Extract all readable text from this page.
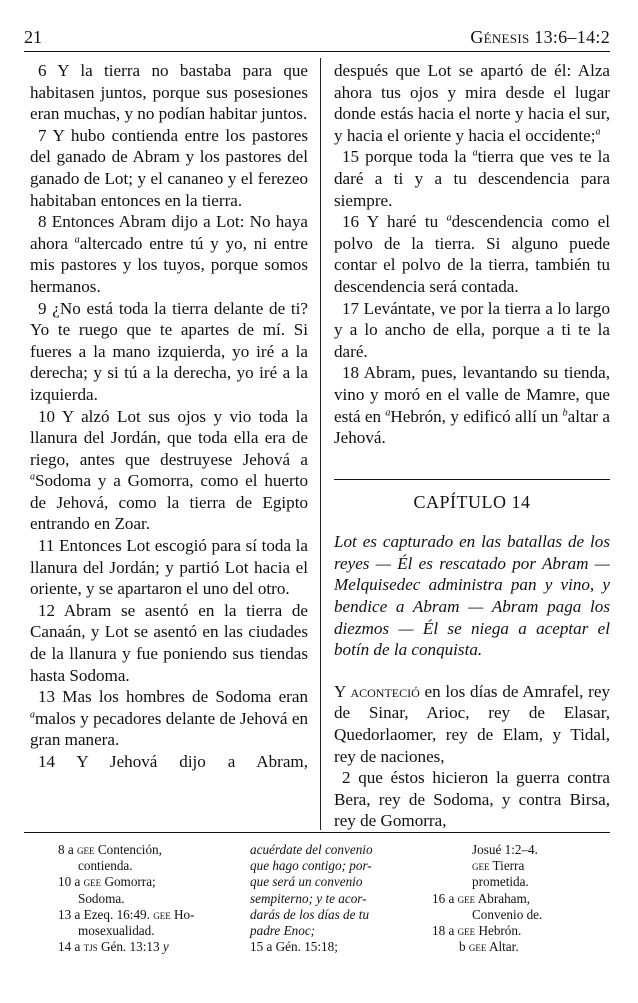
21	Génesis 13:6–14:2

6 Y la tierra no bastaba para que habitasen juntos, porque sus posesiones eran muchas, y no podían habitar juntos.

7 Y hubo contienda entre los pastores del ganado de Abram y los pastores del ganado de Lot; y el cananeo y el ferezeo habitaban entonces en la tierra.

8 Entonces Abram dijo a Lot: No haya ahora $^a$altercado entre tú y yo, ni entre mis pastores y los tuyos, porque somos hermanos.

9 ¿No está toda la tierra delante de ti? Yo te ruego que te apartes de mí. Si fueres a la mano izquierda, yo iré a la derecha; y si tú a la derecha, yo iré a la izquierda.

10 Y alzó Lot sus ojos y vio toda la llanura del Jordán, que toda ella era de riego, antes que destruyese Jehová a $^a$Sodoma y a Gomorra, como el huerto de Jehová, como la tierra de Egipto entrando en Zoar.

11 Entonces Lot escogió para sí toda la llanura del Jordán; y partió Lot hacia el oriente, y se apartaron el uno del otro.

12 Abram se asentó en la tierra de Canaán, y Lot se asentó en las ciudades de la llanura y fue poniendo sus tiendas hasta Sodoma.

13 Mas los hombres de Sodoma eran $^a$malos y pecadores delante de Jehová en gran manera.

14 Y Jehová dijo a Abram,

después que Lot se apartó de él: Alza ahora tus ojos y mira desde el lugar donde estás hacia el norte y hacia el sur, y hacia el oriente y hacia el occidente;$^a$

15 porque toda la $^a$tierra que ves te la daré a ti y a tu descendencia para siempre.

16 Y haré tu $^a$descendencia como el polvo de la tierra. Si alguno puede contar el polvo de la tierra, también tu descendencia será contada.

17 Levántate, ve por la tierra a lo largo y a lo ancho de ella, porque a ti te la daré.

18 Abram, pues, levantando su tienda, vino y moró en el valle de Mamre, que está en $^a$Hebrón, y edificó allí un $^b$altar a Jehová.

CAPÍTULO 14

Lot es capturado en las batallas de los reyes — Él es rescatado por Abram — Melquisedec administra pan y vino, y bendice a Abram — Abram paga los diezmos — Él se niega a aceptar el botín de la conquista.

Y aconteció en los días de Amrafel, rey de Sinar, Arioc, rey de Elasar, Quedorlaomer, rey de Elam, y Tidal, rey de naciones,

2 que éstos hicieron la guerra contra Bera, rey de Sodoma, y contra Birsa, rey de Gomorra,

8 a gee Contención,
contienda.
10 a gee Gomorra;
Sodoma.
13 a Ezeq. 16:49. gee Ho-
mosexualidad.
14 a tjs Gén. 13:13 y
acuérdate del convenio
que hago contigo; por-
que será un convenio
sempiterno; y te acor-
darás de los días de tu
padre Enoc;
15 a Gén. 15:18;
Josué 1:2–4.
gee Tierra
prometida.
16 a gee Abraham,
Convenio de.
18 a gee Hebrón.
b gee Altar.
